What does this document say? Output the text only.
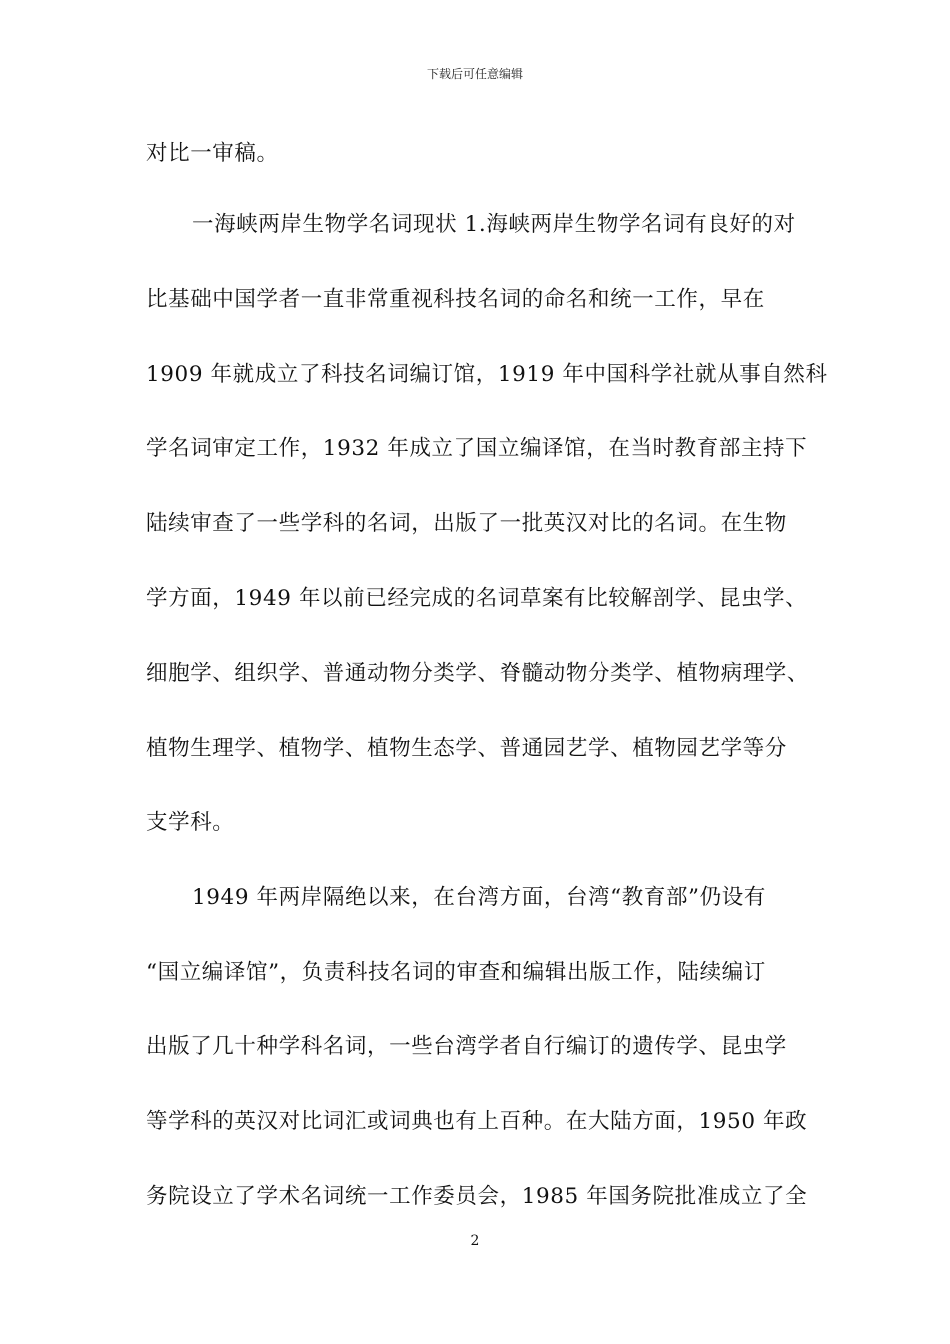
下载后可任意编辑
对比一审稿。
一海峡两岸生物学名词现状 1.海峡两岸生物学名词有良好的对
比基础中国学者一直非常重视科技名词的命名和统一工作，早在
1909 年就成立了科技名词编订馆，1919 年中国科学社就从事自然科
学名词审定工作，1932 年成立了国立编译馆，在当时教育部主持下
陆续审查了一些学科的名词，出版了一批英汉对比的名词。在生物
学方面，1949 年以前已经完成的名词草案有比较解剖学、昆虫学、
细胞学、组织学、普通动物分类学、脊髓动物分类学、植物病理学、
植物生理学、植物学、植物生态学、普通园艺学、植物园艺学等分
支学科。
1949 年两岸隔绝以来，在台湾方面，台湾“教育部”仍设有
“国立编译馆”，负责科技名词的审查和编辑出版工作，陆续编订
出版了几十种学科名词，一些台湾学者自行编订的遗传学、昆虫学
等学科的英汉对比词汇或词典也有上百种。在大陆方面，1950 年政
务院设立了学术名词统一工作委员会，1985 年国务院批准成立了全
2
